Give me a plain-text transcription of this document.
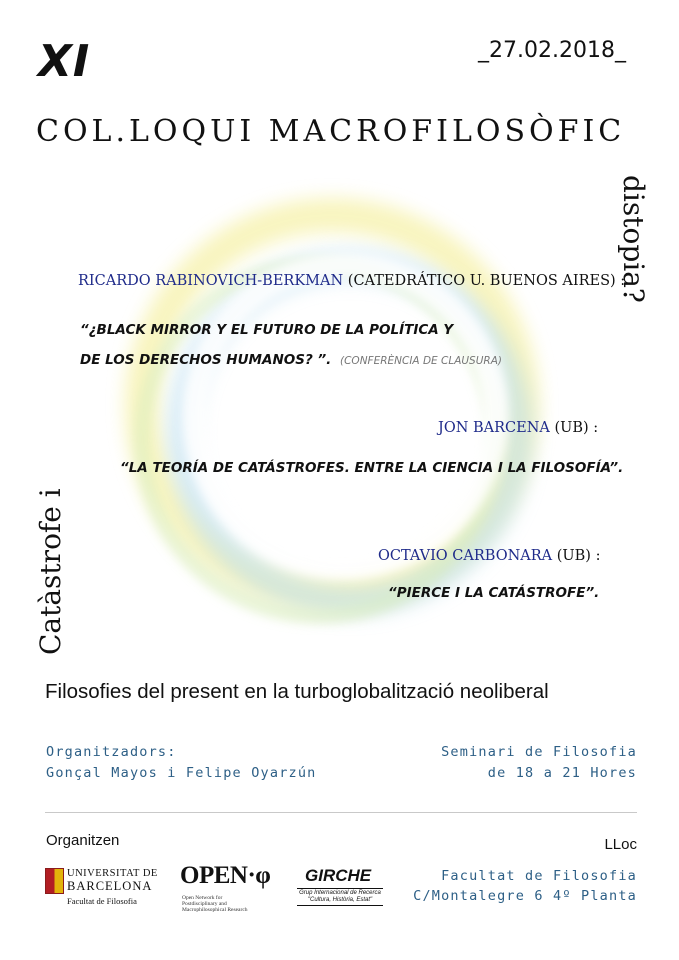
XI	_27.02.2018_
COL.LOQUI MACROFILOSÒFIC
distopia?
Catàstrofe i
RICARDO RABINOVICH-BERKMAN (CATEDRÁTICO U. BUENOS AIRES) :
“¿BLACK MIRROR Y EL FUTURO DE LA POLÍTICA Y
DE LOS DERECHOS HUMANOS? ”. (CONFERÈNCIA DE CLAUSURA)
JON BARCENA (UB) :
“LA TEORÍA DE CATÁSTROFES. ENTRE LA CIENCIA I LA FILOSOFÍA”.
OCTAVIO CARBONARA (UB) :
“PIERCE I LA CATÁSTROFE”.
Filosofies del present en la turboglobalització neoliberal
Organitzadors:
Gonçal Mayos i Felipe Oyarzún
Seminari de Filosofia
de 18 a 21 Hores
Organitzen	LLoc
UNIVERSITAT DE
BARCELONA
Facultat de Filosofia
OPEN·φ
Open Network for Postdisciplinary and Macrophilosophical Research
GIRCHE
Grup Internacional de Recerca
"Cultura, Història, Estat"
Facultat de Filosofia
C/Montalegre 6 4º Planta
